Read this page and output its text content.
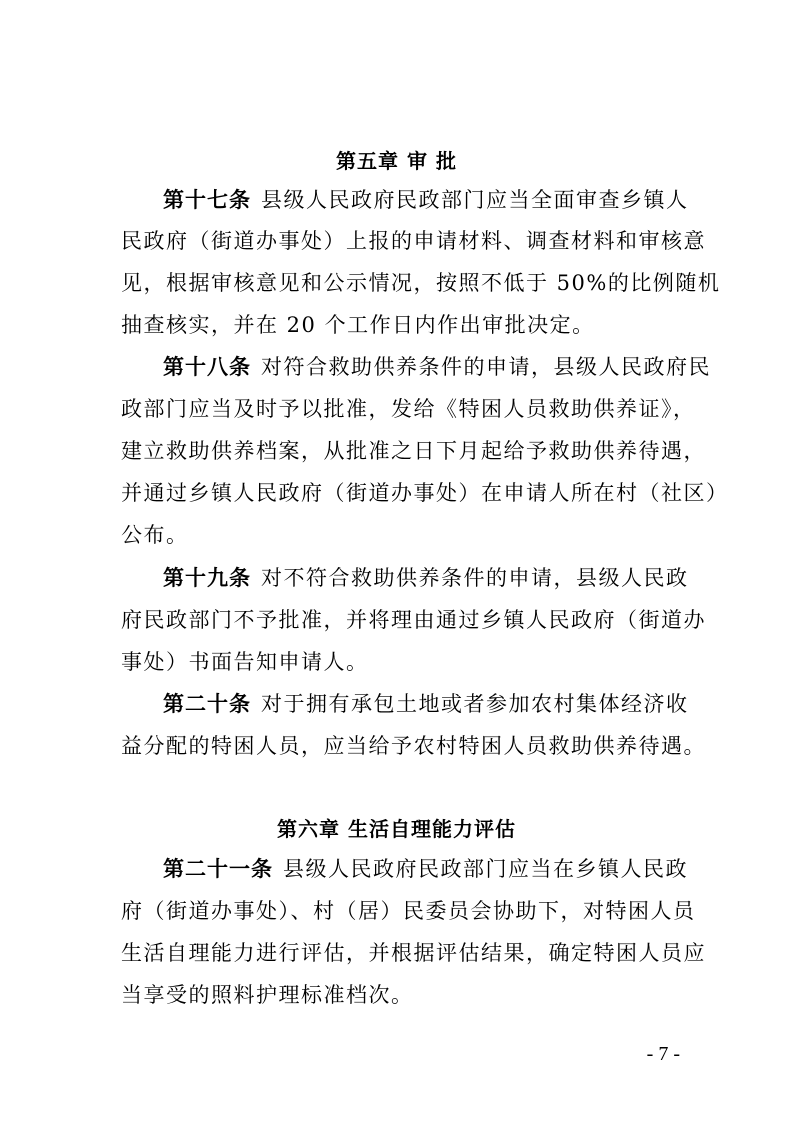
第五章 审 批
第十七条 县级人民政府民政部门应当全面审查乡镇人
民政府（街道办事处）上报的申请材料、调查材料和审核意
见，根据审核意见和公示情况，按照不低于 50%的比例随机
抽查核实，并在 20 个工作日内作出审批决定。
第十八条 对符合救助供养条件的申请，县级人民政府民
政部门应当及时予以批准，发给《特困人员救助供养证》，
建立救助供养档案，从批准之日下月起给予救助供养待遇，
并通过乡镇人民政府（街道办事处）在申请人所在村（社区）
公布。
第十九条 对不符合救助供养条件的申请，县级人民政
府民政部门不予批准，并将理由通过乡镇人民政府（街道办
事处）书面告知申请人。
第二十条 对于拥有承包土地或者参加农村集体经济收
益分配的特困人员，应当给予农村特困人员救助供养待遇。
第六章 生活自理能力评估
第二十一条 县级人民政府民政部门应当在乡镇人民政
府（街道办事处）、村（居）民委员会协助下，对特困人员
生活自理能力进行评估，并根据评估结果，确定特困人员应
当享受的照料护理标准档次。
- 7 -
